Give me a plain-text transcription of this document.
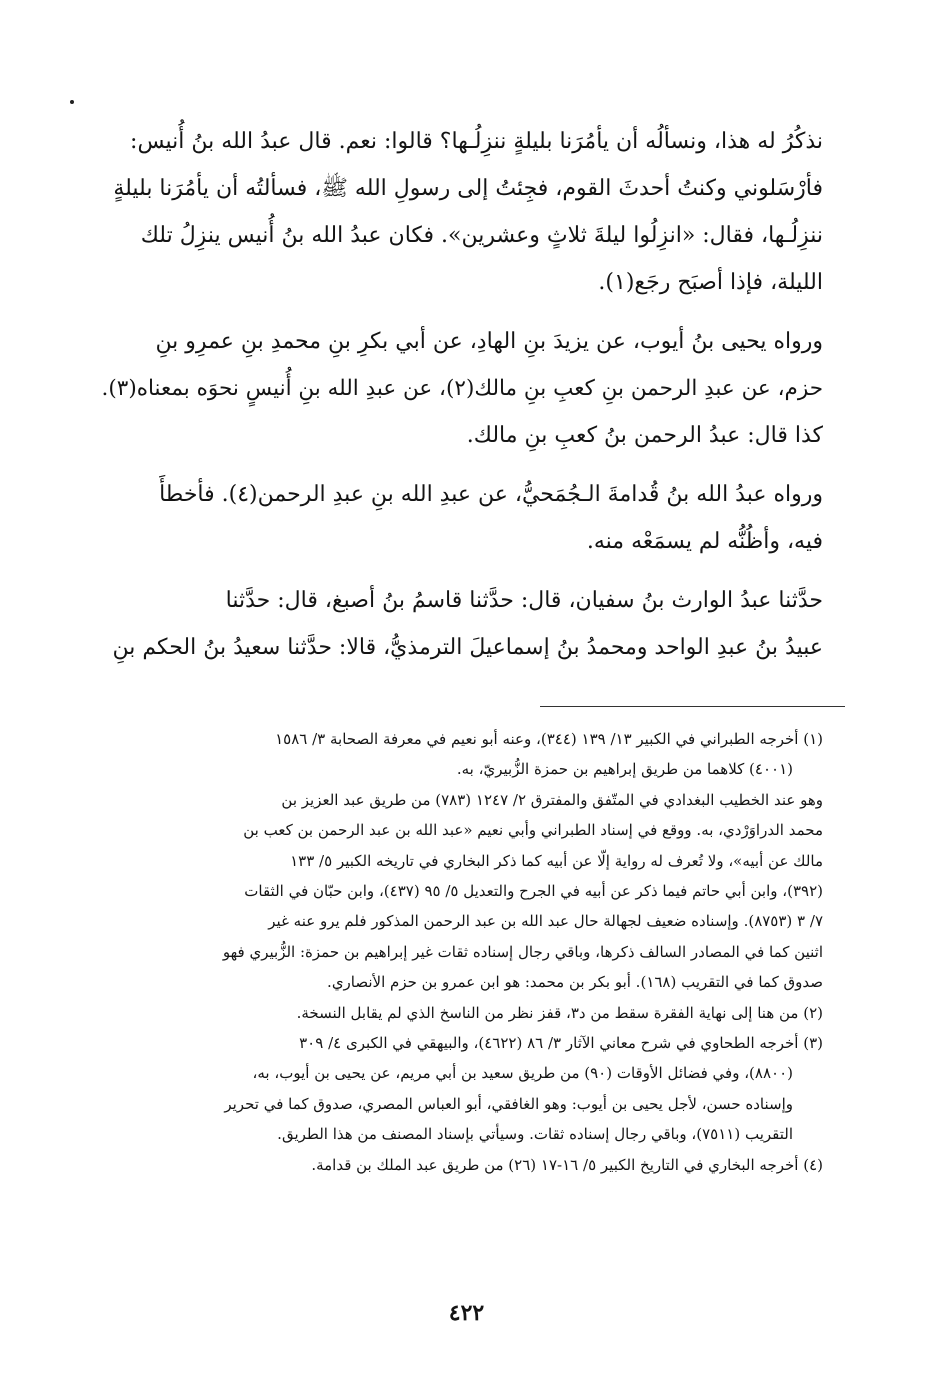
نذكُرُ له هذا، ونسألُه أن يأمُرَنا بليلةٍ ننزِلُـها؟ قالوا: نعم. قال عبدُ الله بنُ أُنيس:
فأرْسَلوني وكنتُ أحدثَ القوم، فجِئتُ إلى رسولِ الله ﷺ، فسألتُه أن يأمُرَنا بليلةٍ
ننزِلُـها، فقال: «انزِلُوا ليلةَ ثلاثٍ وعشرين». فكان عبدُ الله بنُ أُنيس ينزِلُ تلك
الليلة، فإذا أصبَح رجَع(١).

ورواه يحيى بنُ أيوب، عن يزيدَ بنِ الهادِ، عن أبي بكرِ بنِ محمدِ بنِ عمرِو بنِ
حزم، عن عبدِ الرحمن بنِ كعبِ بنِ مالك(٢)، عن عبدِ الله بنِ أُنيسٍ نحوَه بمعناه(٣).
كذا قال: عبدُ الرحمن بنُ كعبِ بنِ مالك.

ورواه عبدُ الله بنُ قُدامةَ الـجُمَحيُّ، عن عبدِ الله بنِ عبدِ الرحمن(٤). فأخطأَ
فيه، وأظُنُّه لم يسمَعْه منه.

حدَّثنا عبدُ الوارث بنُ سفيان، قال: حدَّثنا قاسمُ بنُ أصبغ، قال: حدَّثنا
عبيدُ بنُ عبدِ الواحد ومحمدُ بنُ إسماعيلَ الترمذيُّ، قالا: حدَّثنا سعيدُ بنُ الحكم بنِ

(١) أخرجه الطبراني في الكبير ١٣/ ١٣٩ (٣٤٤)، وعنه أبو نعيم في معرفة الصحابة ٣/ ١٥٨٦
(٤٠٠١) كلاهما من طريق إبراهيم بن حمزة الزُّبيريّ، به.
وهو عند الخطيب البغدادي في المتّفق والمفترق ٢/ ١٢٤٧ (٧٨٣) من طريق عبد العزيز بن
محمد الدراوَرْدي، به. ووقع في إسناد الطبراني وأبي نعيم «عبد الله بن عبد الرحمن بن كعب بن
مالك عن أبيه»، ولا تُعرف له رواية إلّا عن أبيه كما ذكر البخاري في تاريخه الكبير ٥/ ١٣٣
(٣٩٢)، وابن أبي حاتم فيما ذكر عن أبيه في الجرح والتعديل ٥/ ٩٥ (٤٣٧)، وابن حبّان في الثقات
٧/ ٣ (٨٧٥٣). وإسناده ضعيف لجهالة حال عبد الله بن عبد الرحمن المذكور فلم يرو عنه غير
اثنين كما في المصادر السالف ذكرها، وباقي رجال إسناده ثقات غير إبراهيم بن حمزة: الزُّبيري فهو
صدوق كما في التقريب (١٦٨). أبو بكر بن محمد: هو ابن عمرو بن حزم الأنصاري.
(٢) من هنا إلى نهاية الفقرة سقط من د٣، قفز نظر من الناسخ الذي لم يقابل النسخة.
(٣) أخرجه الطحاوي في شرح معاني الآثار ٣/ ٨٦ (٤٦٢٢)، والبيهقي في الكبرى ٤/ ٣٠٩
(٨٨٠٠)، وفي فضائل الأوقات (٩٠) من طريق سعيد بن أبي مريم، عن يحيى بن أيوب، به،
وإسناده حسن، لأجل يحيى بن أيوب: وهو الغافقي، أبو العباس المصري، صدوق كما في تحرير
التقريب (٧٥١١)، وباقي رجال إسناده ثقات. وسيأتي بإسناد المصنف من هذا الطريق.
(٤) أخرجه البخاري في التاريخ الكبير ٥/ ١٦-١٧ (٢٦) من طريق عبد الملك بن قدامة.
٤٢٢
